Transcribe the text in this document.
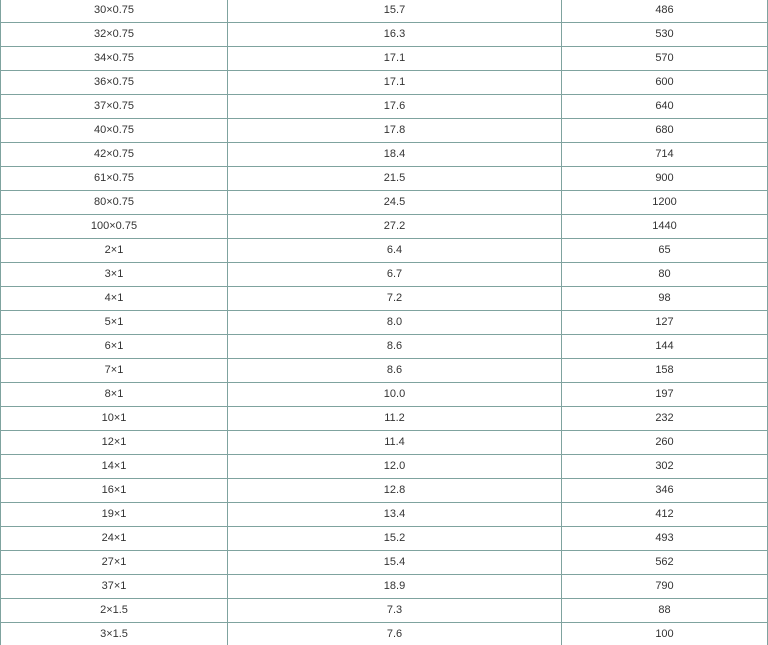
30×0.75	15.7	486
32×0.75	16.3	530
34×0.75	17.1	570
36×0.75	17.1	600
37×0.75	17.6	640
40×0.75	17.8	680
42×0.75	18.4	714
61×0.75	21.5	900
80×0.75	24.5	1200
100×0.75	27.2	1440
2×1	6.4	65
3×1	6.7	80
4×1	7.2	98
5×1	8.0	127
6×1	8.6	144
7×1	8.6	158
8×1	10.0	197
10×1	11.2	232
12×1	11.4	260
14×1	12.0	302
16×1	12.8	346
19×1	13.4	412
24×1	15.2	493
27×1	15.4	562
37×1	18.9	790
2×1.5	7.3	88
3×1.5	7.6	100
